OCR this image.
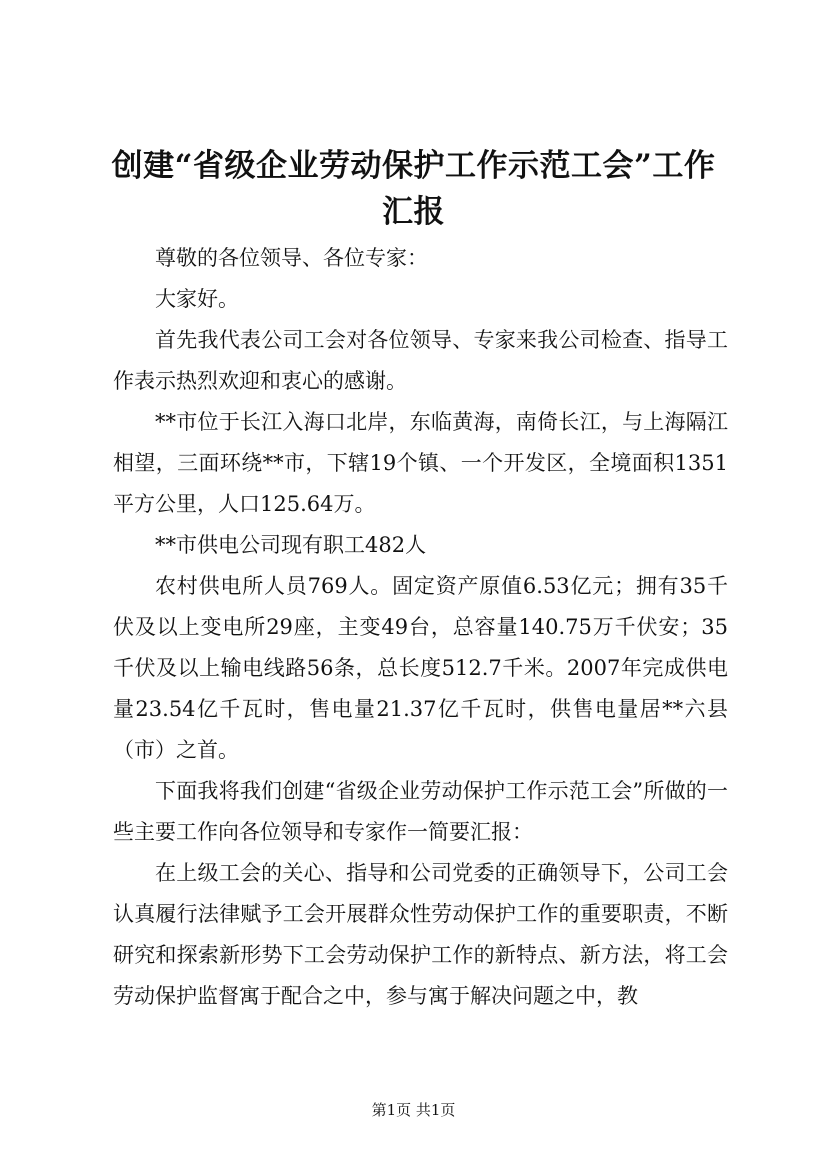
创建“省级企业劳动保护工作示范工会”工作汇报

尊敬的各位领导、各位专家：

大家好。

首先我代表公司工会对各位领导、专家来我公司检查、指导工作表示热烈欢迎和衷心的感谢。

**市位于长江入海口北岸，东临黄海，南倚长江，与上海隔江相望，三面环绕**市，下辖19个镇、一个开发区，全境面积1351平方公里，人口125.64万。

**市供电公司现有职工482人

农村供电所人员769人。固定资产原值6.53亿元；拥有35千伏及以上变电所29座，主变49台，总容量140.75万千伏安；35千伏及以上输电线路56条，总长度512.7千米。2007年完成供电量23.54亿千瓦时，售电量21.37亿千瓦时，供售电量居**六县（市）之首。

下面我将我们创建“省级企业劳动保护工作示范工会”所做的一些主要工作向各位领导和专家作一简要汇报：

在上级工会的关心、指导和公司党委的正确领导下，公司工会认真履行法律赋予工会开展群众性劳动保护工作的重要职责，不断研究和探索新形势下工会劳动保护工作的新特点、新方法，将工会劳动保护监督寓于配合之中，参与寓于解决问题之中，教

第1页 共1页
